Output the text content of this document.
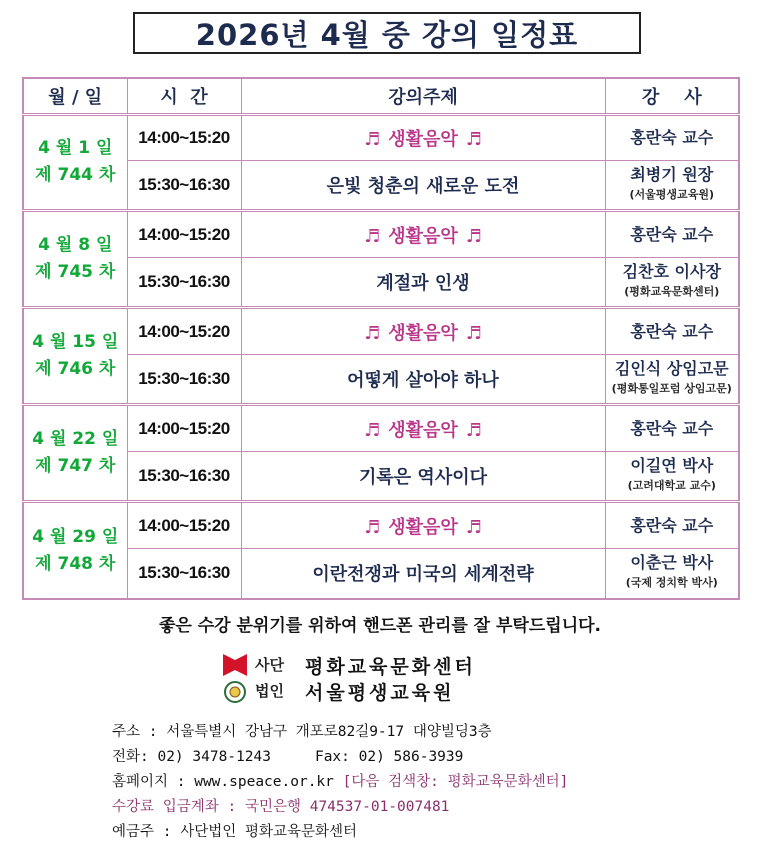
2026년 4월 중 강의 일정표
월 / 일	시  간	강의주제	강    사

4 월 1 일
제 744 차	14:00~15:20	♬ 생활음악 ♬	홍란숙 교수
	15:30~16:30	은빛 청춘의 새로운 도전	최병기 원장
(서울평생교육원)

4 월 8 일
제 745 차	14:00~15:20	♬ 생활음악 ♬	홍란숙 교수
	15:30~16:30	계절과 인생	김찬호 이사장
(평화교육문화센터)

4 월 15 일
제 746 차	14:00~15:20	♬ 생활음악 ♬	홍란숙 교수
	15:30~16:30	어떻게 살아야 하나	김인식 상임고문
(평화통일포럼 상임고문)

4 월 22 일
제 747 차	14:00~15:20	♬ 생활음악 ♬	홍란숙 교수
	15:30~16:30	기록은 역사이다	이길연 박사
(고려대학교 교수)

4 월 29 일
제 748 차	14:00~15:20	♬ 생활음악 ♬	홍란숙 교수
	15:30~16:30	이란전쟁과 미국의 세계전략	이춘근 박사
(국제 정치학 박사)
좋은 수강 분위기를 위하여 핸드폰 관리를 잘 부탁드립니다.
사단
법인
평화교육문화센터
서울평생교육원
주소 : 서울특별시 강남구 개포로82길9-17 대양빌딩3층
전화: 02) 3478-1243	Fax: 02) 586-3939
홈페이지 : www.speace.or.kr [다음 검색창: 평화교육문화센터]
수강료 입금계좌 : 국민은행 474537-01-007481
예금주 : 사단법인 평화교육문화센터
